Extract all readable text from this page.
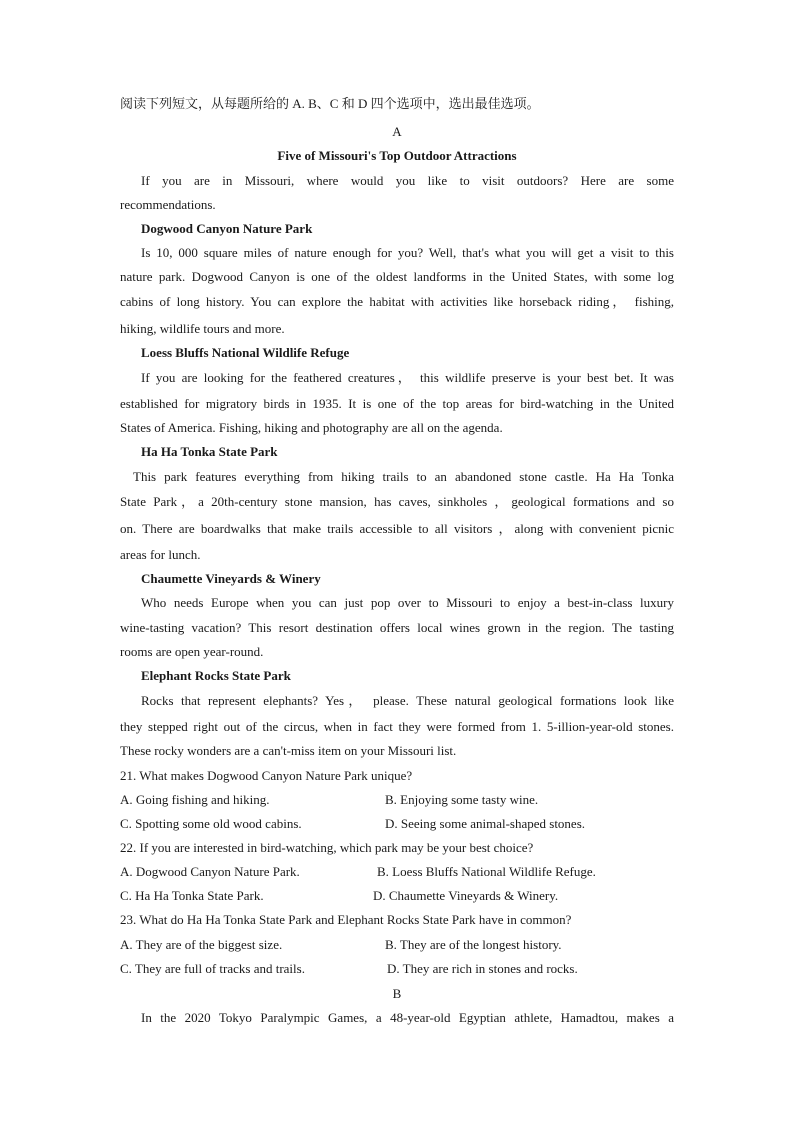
阅读下列短文，从每题所给的 A. B、C 和 D 四个选项中，选出最佳选项。
A
Five of Missouri's Top Outdoor Attractions
If you are in Missouri, where would you like to visit outdoors? Here are some
recommendations.
Dogwood Canyon Nature Park
Is 10, 000 square miles of nature enough for you? Well, that's what you will get a visit to this
nature park. Dogwood Canyon is one of the oldest landforms in the United States, with some log
cabins of long history. You can explore the habitat with activities like horseback riding， fishing,
hiking, wildlife tours and more.
Loess Bluffs National Wildlife Refuge
If you are looking for the feathered creatures， this wildlife preserve is your best bet. It was
established for migratory birds in 1935. It is one of the top areas for bird-watching in the United
States of America. Fishing, hiking and photography are all on the agenda.
Ha Ha Tonka State Park
This park features everything from hiking trails to an abandoned stone castle. Ha Ha Tonka
State Park，a 20th-century stone mansion, has caves, sinkholes ，geological formations and so
on. There are boardwalks that make trails accessible to all visitors ，along with convenient picnic
areas for lunch.
Chaumette Vineyards & Winery
Who needs Europe when you can just pop over to Missouri to enjoy a best-in-class luxury
wine-tasting vacation? This resort destination offers local wines grown in the region. The tasting
rooms are open year-round.
Elephant Rocks State Park
Rocks that represent elephants? Yes， please. These natural geological formations look like
they stepped right out of the circus, when in fact they were formed from 1. 5-illion-year-old stones.
These rocky wonders are a can't-miss item on your Missouri list.
21. What makes Dogwood Canyon Nature Park unique?
A. Going fishing and hiking.	B. Enjoying some tasty wine.
C. Spotting some old wood cabins.	D. Seeing some animal-shaped stones.
22. If you are interested in bird-watching, which park may be your best choice?
A. Dogwood Canyon Nature Park.	B. Loess Bluffs National Wildlife Refuge.
C. Ha Ha Tonka State Park.	D. Chaumette Vineyards & Winery.
23. What do Ha Ha Tonka State Park and Elephant Rocks State Park have in common?
A. They are of the biggest size.	B. They are of the longest history.
C. They are full of tracks and trails.	D. They are rich in stones and rocks.
B
In the 2020 Tokyo Paralympic Games, a 48-year-old Egyptian athlete, Hamadtou, makes a
